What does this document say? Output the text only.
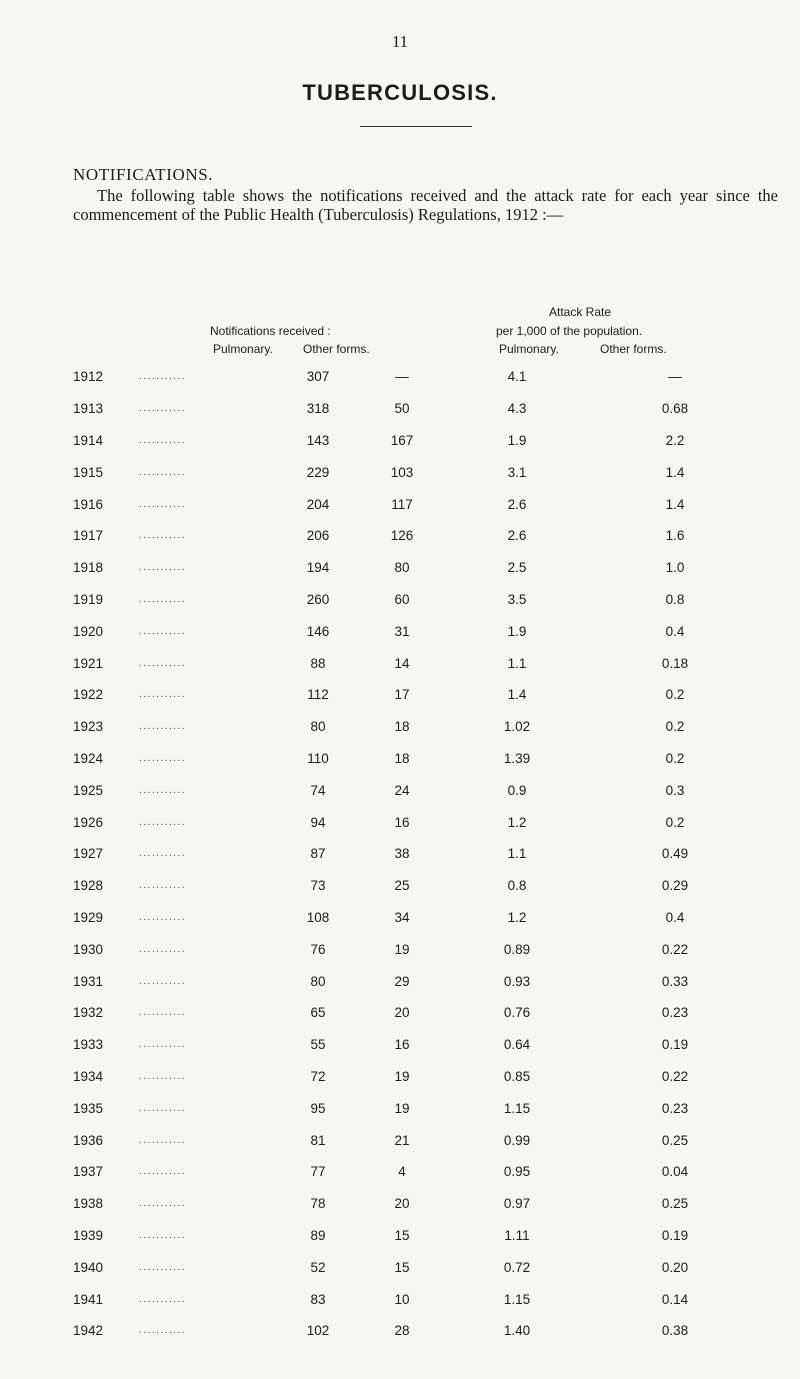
11
TUBERCULOSIS.
NOTIFICATIONS.
The following table shows the notifications received and the attack rate for each year since the commencement of the Public Health (Tuberculosis) Regulations, 1912 :—
Attack Rate
Notifications received :	per 1,000 of the population.
Pulmonary.	Other forms.	Pulmonary.	Other forms.
1912	...........	307	—	4.1	—
1913	...........	318	50	4.3	0.68
1914	...........	143	167	1.9	2.2
1915	...........	229	103	3.1	1.4
1916	...........	204	117	2.6	1.4
1917	...........	206	126	2.6	1.6
1918	...........	194	80	2.5	1.0
1919	...........	260	60	3.5	0.8
1920	...........	146	31	1.9	0.4
1921	...........	88	14	1.1	0.18
1922	...........	112	17	1.4	0.2
1923	...........	80	18	1.02	0.2
1924	...........	110	18	1.39	0.2
1925	...........	74	24	0.9	0.3
1926	...........	94	16	1.2	0.2
1927	...........	87	38	1.1	0.49
1928	...........	73	25	0.8	0.29
1929	...........	108	34	1.2	0.4
1930	...........	76	19	0.89	0.22
1931	...........	80	29	0.93	0.33
1932	...........	65	20	0.76	0.23
1933	...........	55	16	0.64	0.19
1934	...........	72	19	0.85	0.22
1935	...........	95	19	1.15	0.23
1936	...........	81	21	0.99	0.25
1937	...........	77	4	0.95	0.04
1938	...........	78	20	0.97	0.25
1939	...........	89	15	1.11	0.19
1940	...........	52	15	0.72	0.20
1941	...........	83	10	1.15	0.14
1942	...........	102	28	1.40	0.38
